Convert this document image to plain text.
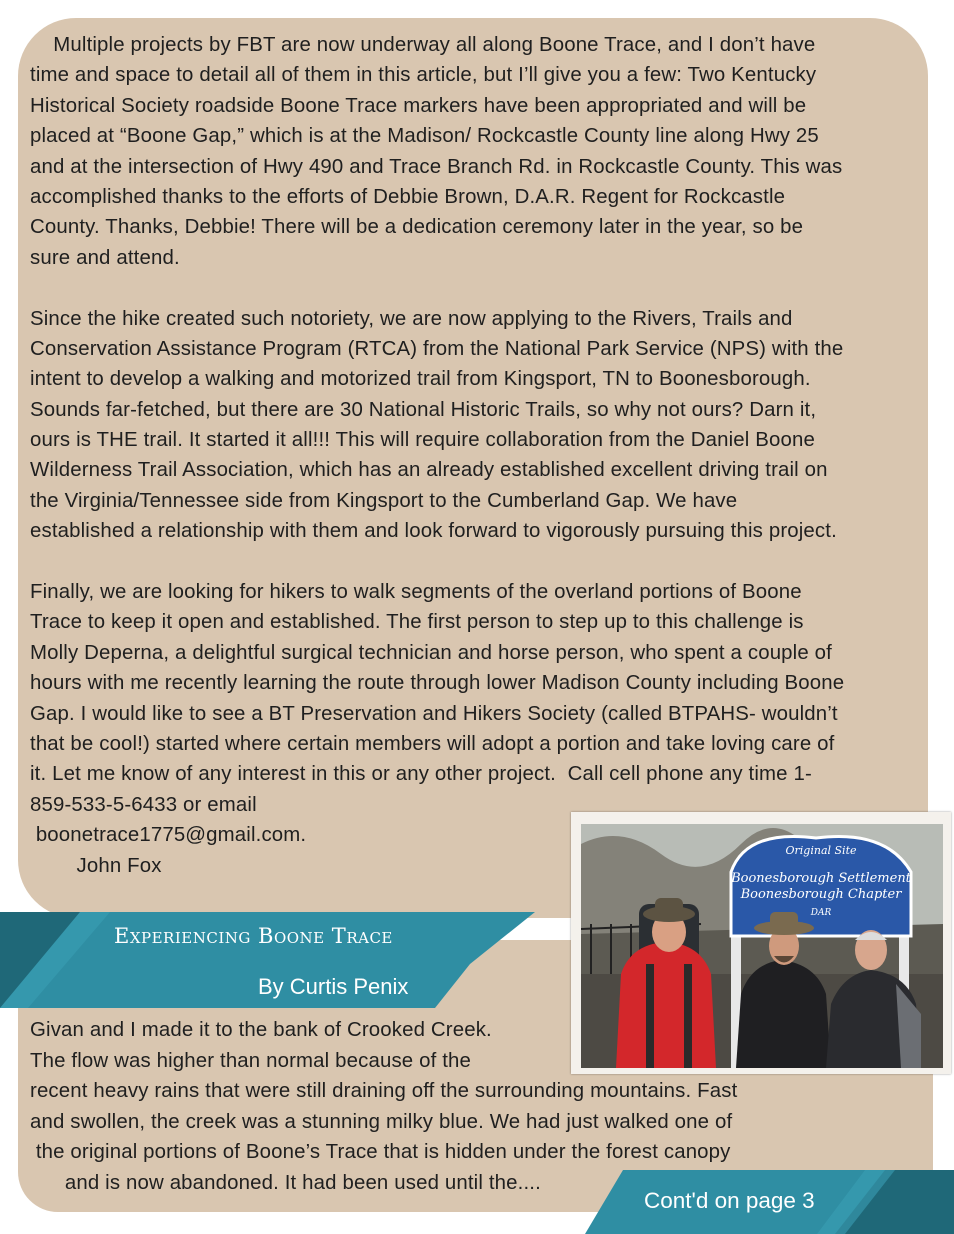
Multiple projects by FBT are now underway all along Boone Trace, and I don’t have
time and space to detail all of them in this article, but I’ll give you a few: Two Kentucky
Historical Society roadside Boone Trace markers have been appropriated and will be
placed at “Boone Gap,” which is at the Madison/ Rockcastle County line along Hwy 25
and at the intersection of Hwy 490 and Trace Branch Rd. in Rockcastle County. This was
accomplished thanks to the efforts of Debbie Brown, D.A.R. Regent for Rockcastle
County. Thanks, Debbie! There will be a dedication ceremony later in the year, so be
sure and attend.
Since the hike created such notoriety, we are now applying to the Rivers, Trails and
Conservation Assistance Program (RTCA) from the National Park Service (NPS) with the
intent to develop a walking and motorized trail from Kingsport, TN to Boonesborough.
Sounds far-fetched, but there are 30 National Historic Trails, so why not ours? Darn it,
ours is THE trail. It started it all!!! This will require collaboration from the Daniel Boone
Wilderness Trail Association, which has an already established excellent driving trail on
the Virginia/Tennessee side from Kingsport to the Cumberland Gap. We have
established a relationship with them and look forward to vigorously pursuing this project.
Finally, we are looking for hikers to walk segments of the overland portions of Boone
Trace to keep it open and established. The first person to step up to this challenge is
Molly Deperna, a delightful surgical technician and horse person, who spent a couple of
hours with me recently learning the route through lower Madison County including Boone
Gap. I would like to see a BT Preservation and Hikers Society (called BTPAHS- wouldn’t
that be cool!) started where certain members will adopt a portion and take loving care of
it. Let me know of any interest in this or any other project.  Call cell phone any time 1-
859-533-5-6433 or email
boonetrace1775@gmail.com.
John Fox
Experiencing Boone Trace
By Curtis Penix
Givan and I made it to the bank of Crooked Creek.
The flow was higher than normal because of the
recent heavy rains that were still draining off the surrounding mountains. Fast
and swollen, the creek was a stunning milky blue. We had just walked one of
the original portions of Boone’s Trace that is hidden under the forest canopy
and is now abandoned. It had been used until the....
Original Site
Boonesborough Settlement
Boonesborough Chapter
DAR
Cont'd on page 3
